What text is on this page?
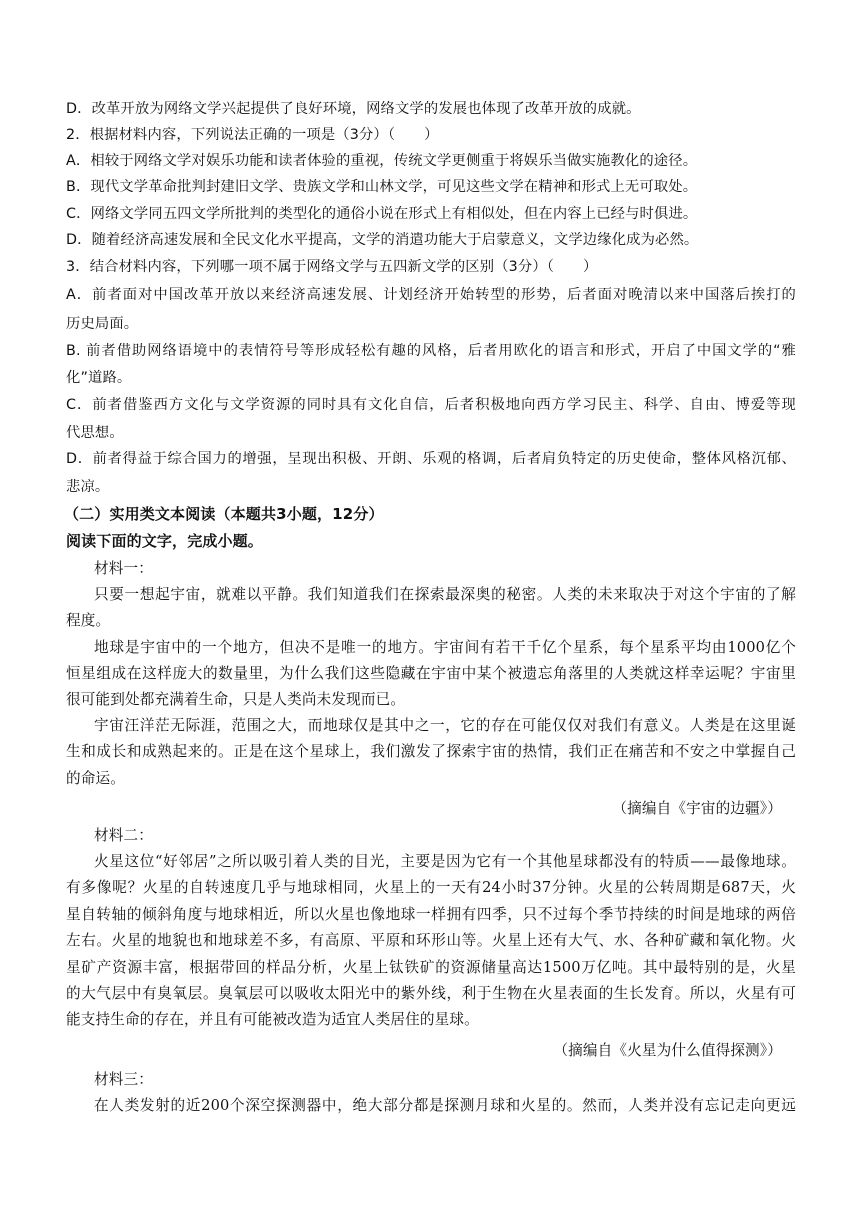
D．改革开放为网络文学兴起提供了良好环境，网络文学的发展也体现了改革开放的成就。
2．根据材料内容，下列说法正确的一项是（3分）（　　）
A．相较于网络文学对娱乐功能和读者体验的重视，传统文学更侧重于将娱乐当做实施教化的途径。
B．现代文学革命批判封建旧文学、贵族文学和山林文学，可见这些文学在精神和形式上无可取处。
C．网络文学同五四文学所批判的类型化的通俗小说在形式上有相似处，但在内容上已经与时俱进。
D．随着经济高速发展和全民文化水平提高，文学的消遣功能大于启蒙意义，文学边缘化成为必然。
3．结合材料内容，下列哪一项不属于网络文学与五四新文学的区别（3分）（　　）
A．前者面对中国改革开放以来经济高速发展、计划经济开始转型的形势，后者面对晚清以来中国落后挨打的
历史局面。
B. 前者借助网络语境中的表情符号等形成轻松有趣的风格，后者用欧化的语言和形式，开启了中国文学的“雅
化”道路。
C．前者借鉴西方文化与文学资源的同时具有文化自信，后者积极地向西方学习民主、科学、自由、博爱等现
代思想。
D．前者得益于综合国力的增强，呈现出积极、开朗、乐观的格调，后者肩负特定的历史使命，整体风格沉郁、
悲凉。
（二）实用类文本阅读（本题共3小题，12分）
阅读下面的文字，完成小题。
材料一：
只要一想起宇宙，就难以平静。我们知道我们在探索最深奥的秘密。人类的未来取决于对这个宇宙的了解
程度。
地球是宇宙中的一个地方，但决不是唯一的地方。宇宙间有若干千亿个星系，每个星系平均由1000亿个
恒星组成在这样庞大的数量里，为什么我们这些隐藏在宇宙中某个被遗忘角落里的人类就这样幸运呢？宇宙里
很可能到处都充满着生命，只是人类尚未发现而已。
宇宙汪洋茫无际涯，范围之大，而地球仅是其中之一，它的存在可能仅仅对我们有意义。人类是在这里诞
生和成长和成熟起来的。正是在这个星球上，我们激发了探索宇宙的热情，我们正在痛苦和不安之中掌握自己
的命运。
（摘编自《宇宙的边疆》）
材料二：
火星这位“好邻居”之所以吸引着人类的目光，主要是因为它有一个其他星球都没有的特质——最像地球。
有多像呢？火星的自转速度几乎与地球相同，火星上的一天有24小时37分钟。火星的公转周期是687天，火
星自转轴的倾斜角度与地球相近，所以火星也像地球一样拥有四季，只不过每个季节持续的时间是地球的两倍
左右。火星的地貌也和地球差不多，有高原、平原和环形山等。火星上还有大气、水、各种矿藏和氧化物。火
星矿产资源丰富，根据带回的样品分析，火星上钛铁矿的资源储量高达1500万亿吨。其中最特别的是，火星
的大气层中有臭氧层。臭氧层可以吸收太阳光中的紫外线，利于生物在火星表面的生长发育。所以，火星有可
能支持生命的存在，并且有可能被改造为适宜人类居住的星球。
（摘编自《火星为什么值得探测》）
材料三：
在人类发射的近200个深空探测器中，绝大部分都是探测月球和火星的。然而，人类并没有忘记走向更远
